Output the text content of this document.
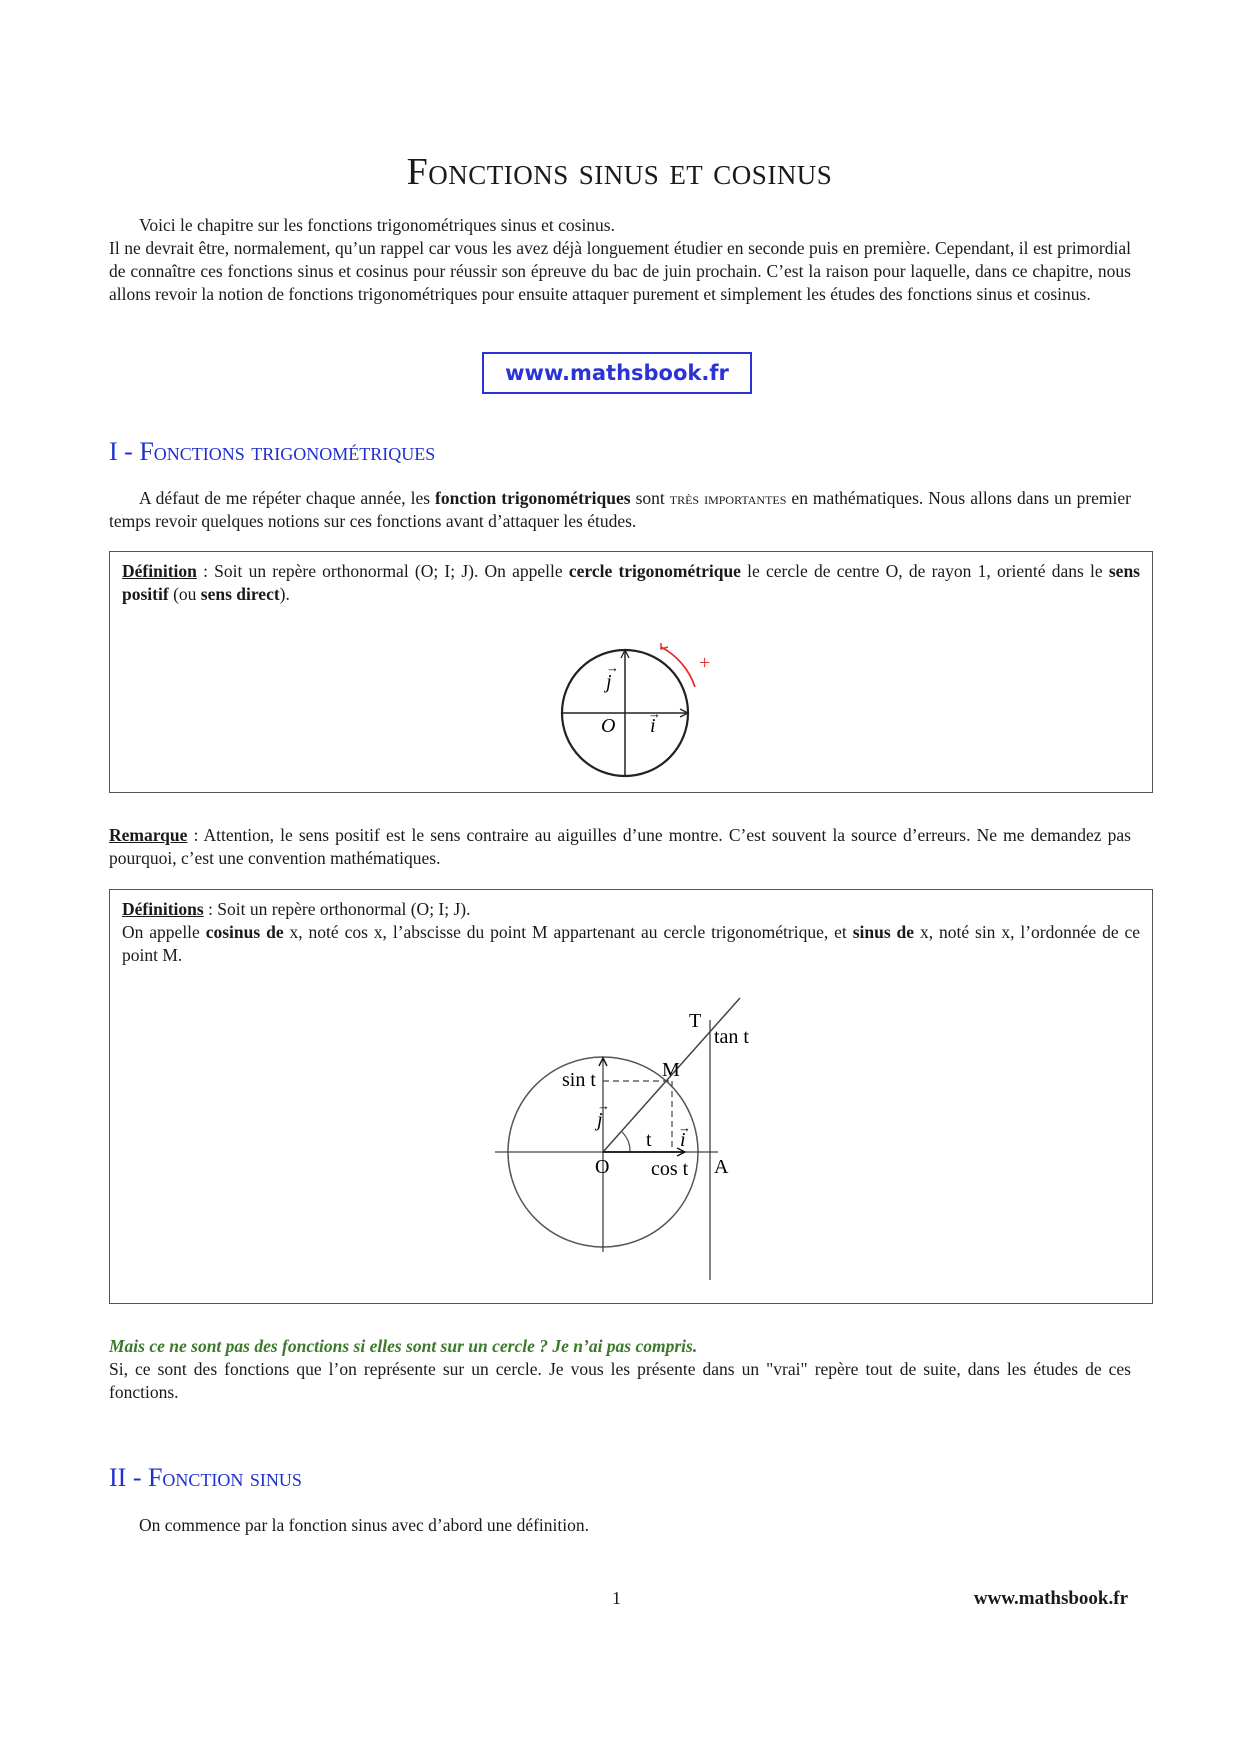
Fonctions sinus et cosinus
Voici le chapitre sur les fonctions trigonométriques sinus et cosinus.
Il ne devrait être, normalement, qu’un rappel car vous les avez déjà longuement étudier en seconde puis en première. Cependant, il est primordial de connaître ces fonctions sinus et cosinus pour réussir son épreuve du bac de juin prochain. C’est la raison pour laquelle, dans ce chapitre, nous allons revoir la notion de fonctions trigonométriques pour ensuite attaquer purement et simplement les études des fonctions sinus et cosinus.
www.mathsbook.fr
I - Fonctions trigonométriques
A défaut de me répéter chaque année, les fonction trigonométriques sont très importantes en mathématiques. Nous allons dans un premier temps revoir quelques notions sur ces fonctions avant d’attaquer les études.
Définition : Soit un repère orthonormal (O; I; J). On appelle cercle trigonométrique le cercle de centre O, de rayon 1, orienté dans le sens positif (ou sens direct).
+
j
→
i
→
O
Remarque : Attention, le sens positif est le sens contraire au aiguilles d’une montre. C’est souvent la source d’erreurs. Ne me demandez pas pourquoi, c’est une convention mathématiques.
Définitions : Soit un repère orthonormal (O; I; J).
On appelle cosinus de x, noté cos x, l’abscisse du point M appartenant au cercle trigonométrique, et sinus de x, noté sin x, l’ordonnée de ce point M.
T
tan t
M
sin t
j
→
t i
→
O cos t A
Mais ce ne sont pas des fonctions si elles sont sur un cercle ? Je n’ai pas compris.
Si, ce sont des fonctions que l’on représente sur un cercle. Je vous les présente dans un "vrai" repère tout de suite, dans les études de ces fonctions.
II - Fonction sinus
On commence par la fonction sinus avec d’abord une définition.
1	www.mathsbook.fr
